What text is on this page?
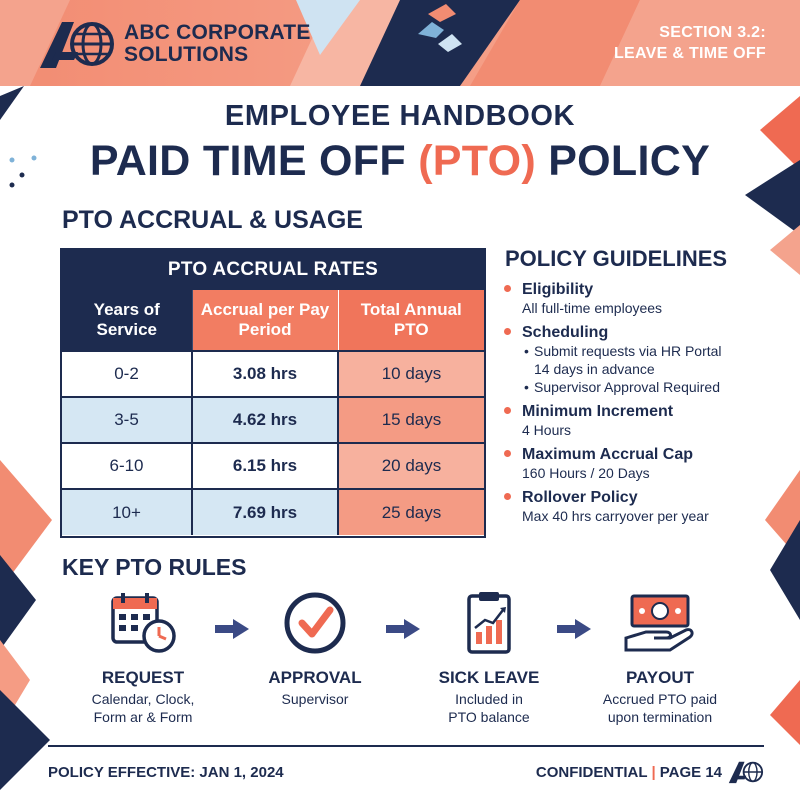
ABC CORPORATE
SOLUTIONS
SECTION 3.2:
LEAVE & TIME OFF
EMPLOYEE HANDBOOK
PAID TIME OFF (PTO) POLICY
PTO ACCRUAL & USAGE
PTO ACCRUAL RATES
Years of Service	Accrual per Pay Period	Total Annual PTO
0-2	3.08 hrs	10 days
3-5	4.62 hrs	15 days
6-10	6.15 hrs	20 days
10+	7.69 hrs	25 days
POLICY GUIDELINES
Eligibility
All full-time employees
Scheduling
• Submit requests via HR Portal
14 days in advance
• Supervisor Approval Required
Minimum Increment
4 Hours
Maximum Accrual Cap
160 Hours / 20 Days
Rollover Policy
Max 40 hrs carryover per year
KEY PTO RULES
REQUEST
Calendar, Clock,
Form ar & Form
APPROVAL
Supervisor
SICK LEAVE
Included in
PTO balance
PAYOUT
Accrued PTO paid
upon termination
POLICY EFFECTIVE: JAN 1, 2024	CONFIDENTIAL | PAGE 14
